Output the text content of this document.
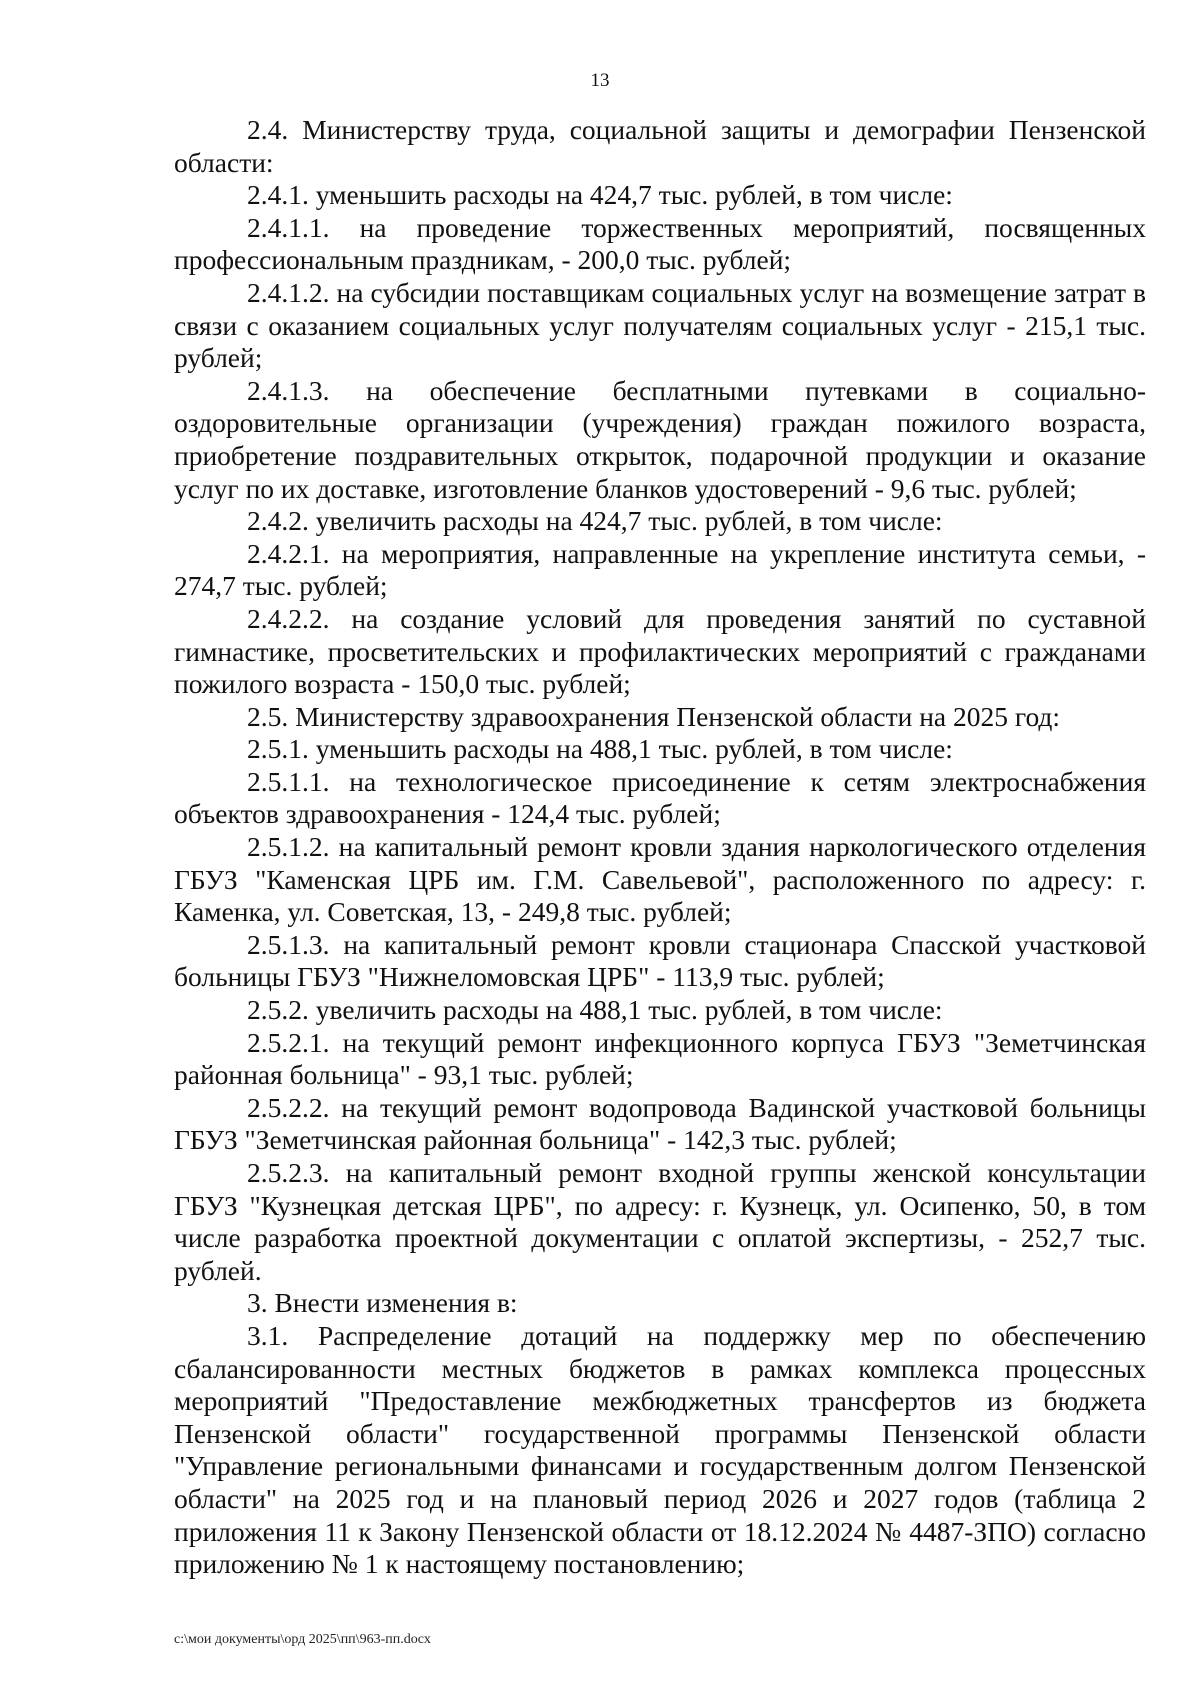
13

2.4. Министерству труда, социальной защиты и демографии Пензенской области:

2.4.1. уменьшить расходы на 424,7 тыс. рублей, в том числе:

2.4.1.1. на проведение торжественных мероприятий, посвященных профессиональным праздникам, - 200,0 тыс. рублей;

2.4.1.2. на субсидии поставщикам социальных услуг на возмещение затрат в связи с оказанием социальных услуг получателям социальных услуг - 215,1 тыс. рублей;

2.4.1.3. на обеспечение бесплатными путевками в социально-оздоровительные организации (учреждения) граждан пожилого возраста, приобретение поздравительных открыток, подарочной продукции и оказание услуг по их доставке, изготовление бланков удостоверений - 9,6 тыс. рублей;

2.4.2. увеличить расходы на 424,7 тыс. рублей, в том числе:

2.4.2.1. на мероприятия, направленные на укрепление института семьи, - 274,7 тыс. рублей;

2.4.2.2. на создание условий для проведения занятий по суставной гимнастике, просветительских и профилактических мероприятий с гражданами пожилого возраста - 150,0 тыс. рублей;

2.5. Министерству здравоохранения Пензенской области на 2025 год:

2.5.1. уменьшить расходы на 488,1 тыс. рублей, в том числе:

2.5.1.1. на технологическое присоединение к сетям электроснабжения объектов здравоохранения - 124,4 тыс. рублей;

2.5.1.2. на капитальный ремонт кровли здания наркологического отделения ГБУЗ "Каменская ЦРБ им. Г.М. Савельевой", расположенного по адресу: г. Каменка, ул. Советская, 13, - 249,8 тыс. рублей;

2.5.1.3. на капитальный ремонт кровли стационара Спасской участковой больницы ГБУЗ "Нижнеломовская ЦРБ" - 113,9 тыс. рублей;

2.5.2. увеличить расходы на 488,1 тыс. рублей, в том числе:

2.5.2.1. на текущий ремонт инфекционного корпуса ГБУЗ "Земетчинская районная больница" - 93,1 тыс. рублей;

2.5.2.2. на текущий ремонт водопровода Вадинской участковой больницы ГБУЗ "Земетчинская районная больница" - 142,3 тыс. рублей;

2.5.2.3. на капитальный ремонт входной группы женской консультации ГБУЗ "Кузнецкая детская ЦРБ", по адресу: г. Кузнецк, ул. Осипенко, 50, в том числе разработка проектной документации с оплатой экспертизы, - 252,7 тыс. рублей.

3. Внести изменения в:

3.1. Распределение дотаций на поддержку мер по обеспечению сбалансированности местных бюджетов в рамках комплекса процессных мероприятий "Предоставление межбюджетных трансфертов из бюджета Пензенской области" государственной программы Пензенской области "Управление региональными финансами и государственным долгом Пензенской области" на 2025 год и на плановый период 2026 и 2027 годов (таблица 2 приложения 11 к Закону Пензенской области от 18.12.2024 № 4487-ЗПО) согласно приложению № 1 к настоящему постановлению;

c:\мои документы\орд 2025\пп\963-пп.docx
